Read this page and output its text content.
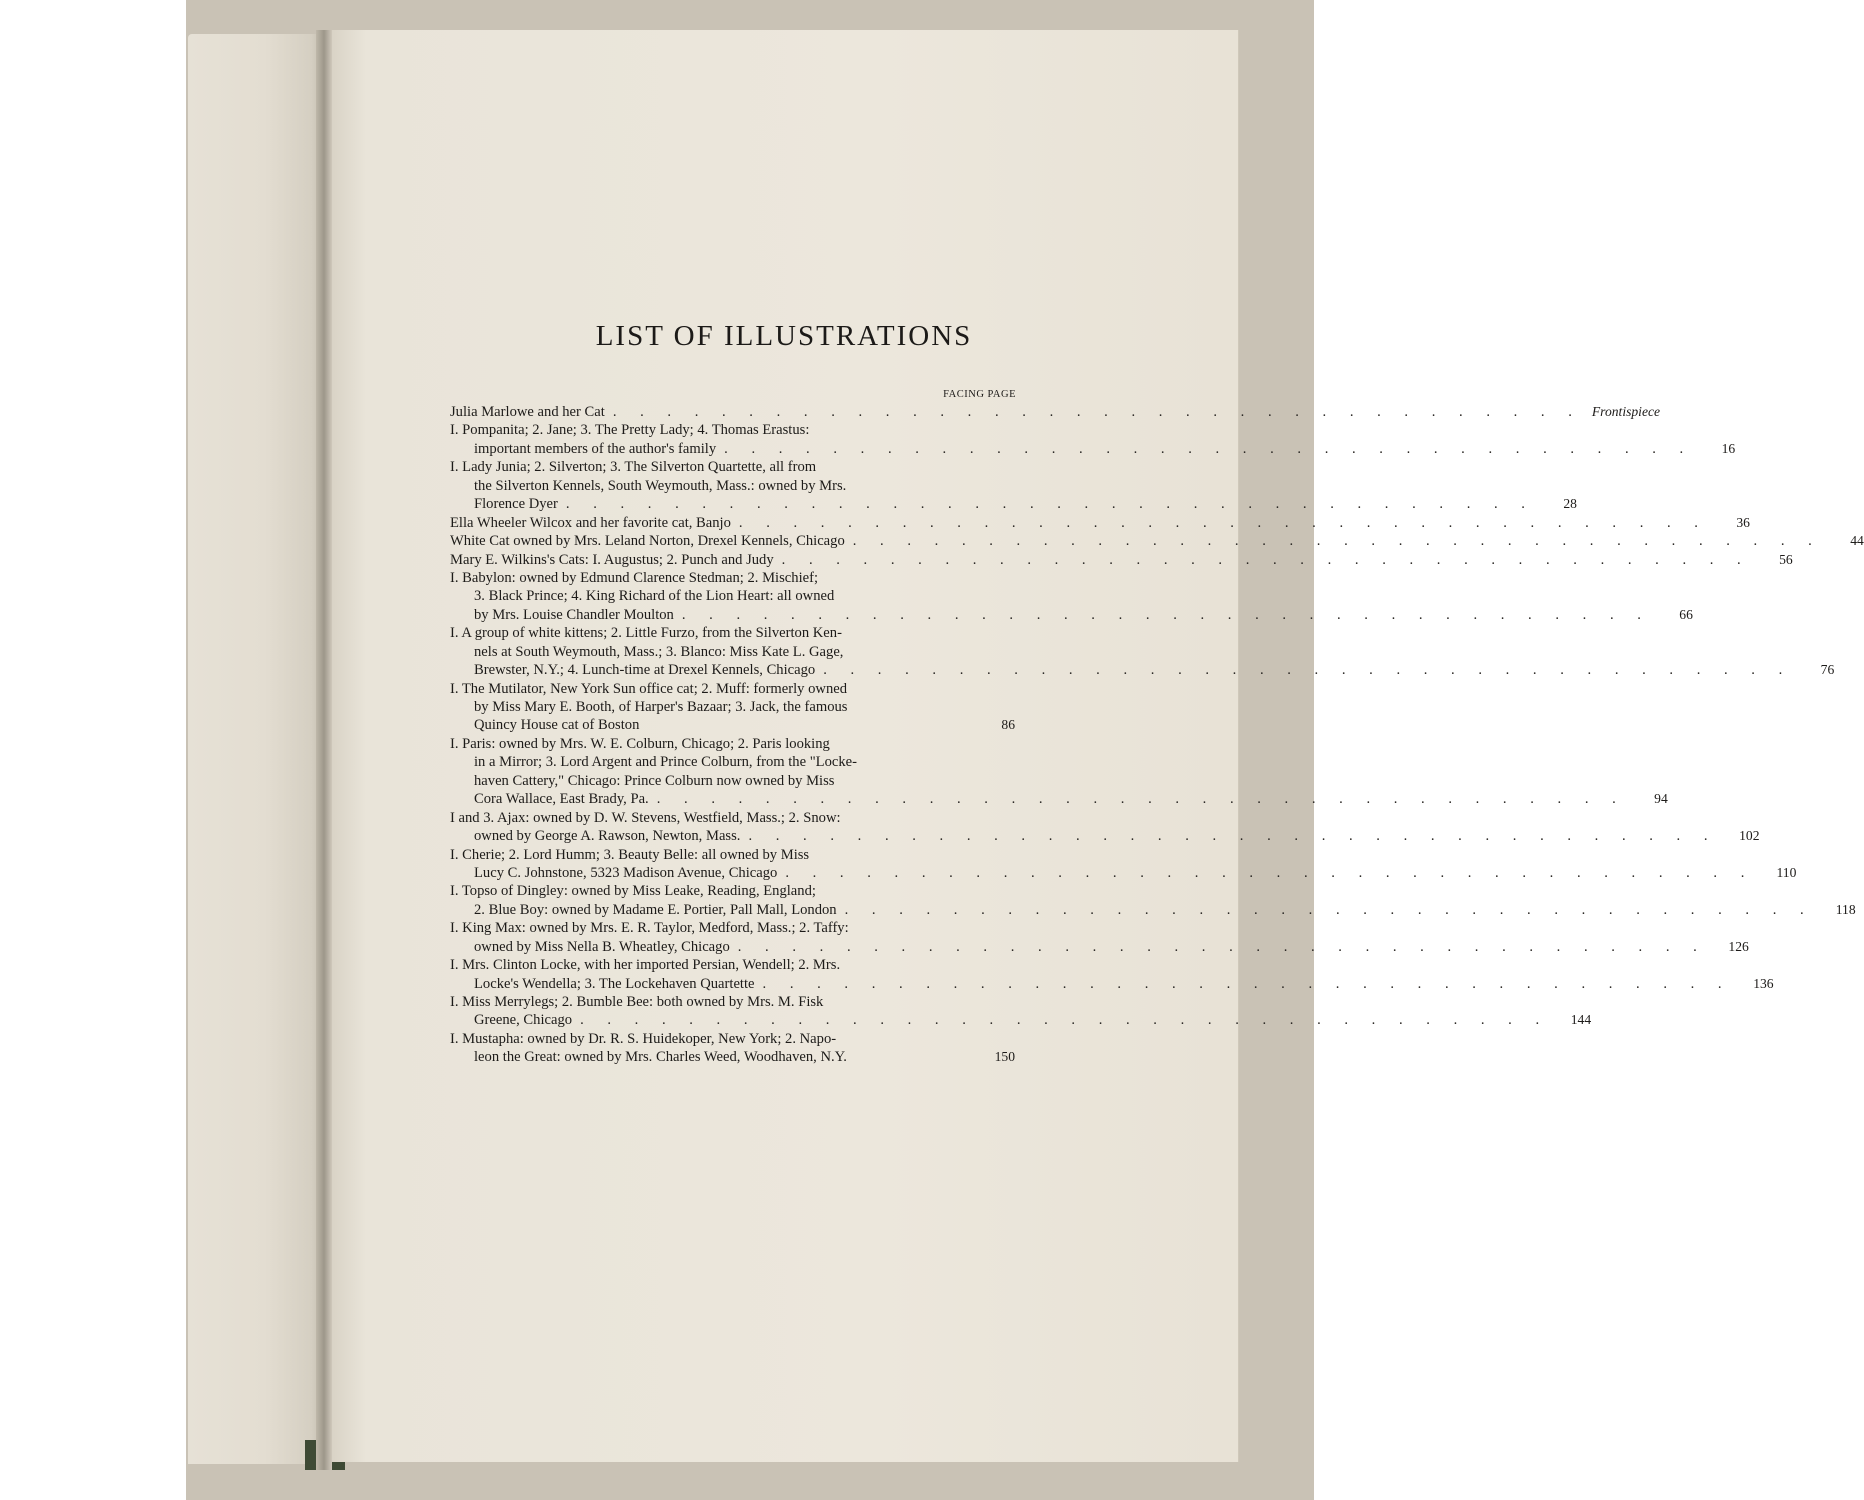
LIST OF ILLUSTRATIONS
FACING PAGE
Julia Marlowe and her Cat . . . . . . . . . . . . . . . . . . . . . . . . . . . . . . . . . . . . Frontispiece
I. Pompanita; 2. Jane; 3. The Pretty Lady; 4. Thomas Erastus:
important members of the author's family . . . . . . . . . . . . . . . . . . . . . . . . . . . . . . . . . . . .	16
I. Lady Junia; 2. Silverton; 3. The Silverton Quartette, all from
the Silverton Kennels, South Weymouth, Mass.: owned by Mrs.
Florence Dyer . . . . . . . . . . . . . . . . . . . . . . . . . . . . . . . . . . . .	28
Ella Wheeler Wilcox and her favorite cat, Banjo . . . . . . . . . . . . . . . . . . . . . . . . . . . . . . . . . . . .	36
White Cat owned by Mrs. Leland Norton, Drexel Kennels, Chicago . . . . . . . . . . . . . . . . . . . . . . . . . . . . . . . . . . . .	44
Mary E. Wilkins's Cats: I. Augustus; 2. Punch and Judy . . . . . . . . . . . . . . . . . . . . . . . . . . . . . . . . . . . .	56
I. Babylon: owned by Edmund Clarence Stedman; 2. Mischief;
3. Black Prince; 4. King Richard of the Lion Heart: all owned
by Mrs. Louise Chandler Moulton . . . . . . . . . . . . . . . . . . . . . . . . . . . . . . . . . . . .	66
I. A group of white kittens; 2. Little Furzo, from the Silverton Ken-
nels at South Weymouth, Mass.; 3. Blanco: Miss Kate L. Gage,
Brewster, N.Y.; 4. Lunch-time at Drexel Kennels, Chicago . . . . . . . . . . . . . . . . . . . . . . . . . . . . . . . . . . . .	76
I. The Mutilator, New York Sun office cat; 2. Muff: formerly owned
by Miss Mary E. Booth, of Harper's Bazaar; 3. Jack, the famous
Quincy House cat of Boston	86
I. Paris: owned by Mrs. W. E. Colburn, Chicago; 2. Paris looking
in a Mirror; 3. Lord Argent and Prince Colburn, from the "Locke-
haven Cattery," Chicago: Prince Colburn now owned by Miss
Cora Wallace, East Brady, Pa. . . . . . . . . . . . . . . . . . . . . . . . . . . . . . . . . . . . .	94
I and 3. Ajax: owned by D. W. Stevens, Westfield, Mass.; 2. Snow:
owned by George A. Rawson, Newton, Mass. . . . . . . . . . . . . . . . . . . . . . . . . . . . . . . . . . . . .	102
I. Cherie; 2. Lord Humm; 3. Beauty Belle: all owned by Miss
Lucy C. Johnstone, 5323 Madison Avenue, Chicago . . . . . . . . . . . . . . . . . . . . . . . . . . . . . . . . . . . .	110
I. Topso of Dingley: owned by Miss Leake, Reading, England;
2. Blue Boy: owned by Madame E. Portier, Pall Mall, London . . . . . . . . . . . . . . . . . . . . . . . . . . . . . . . . . . . .	118
I. King Max: owned by Mrs. E. R. Taylor, Medford, Mass.; 2. Taffy:
owned by Miss Nella B. Wheatley, Chicago . . . . . . . . . . . . . . . . . . . . . . . . . . . . . . . . . . . .	126
I. Mrs. Clinton Locke, with her imported Persian, Wendell; 2. Mrs.
Locke's Wendella; 3. The Lockehaven Quartette . . . . . . . . . . . . . . . . . . . . . . . . . . . . . . . . . . . .	136
I. Miss Merrylegs; 2. Bumble Bee: both owned by Mrs. M. Fisk
Greene, Chicago . . . . . . . . . . . . . . . . . . . . . . . . . . . . . . . . . . . .	144
I. Mustapha: owned by Dr. R. S. Huidekoper, New York; 2. Napo-
leon the Great: owned by Mrs. Charles Weed, Woodhaven, N.Y.	150
